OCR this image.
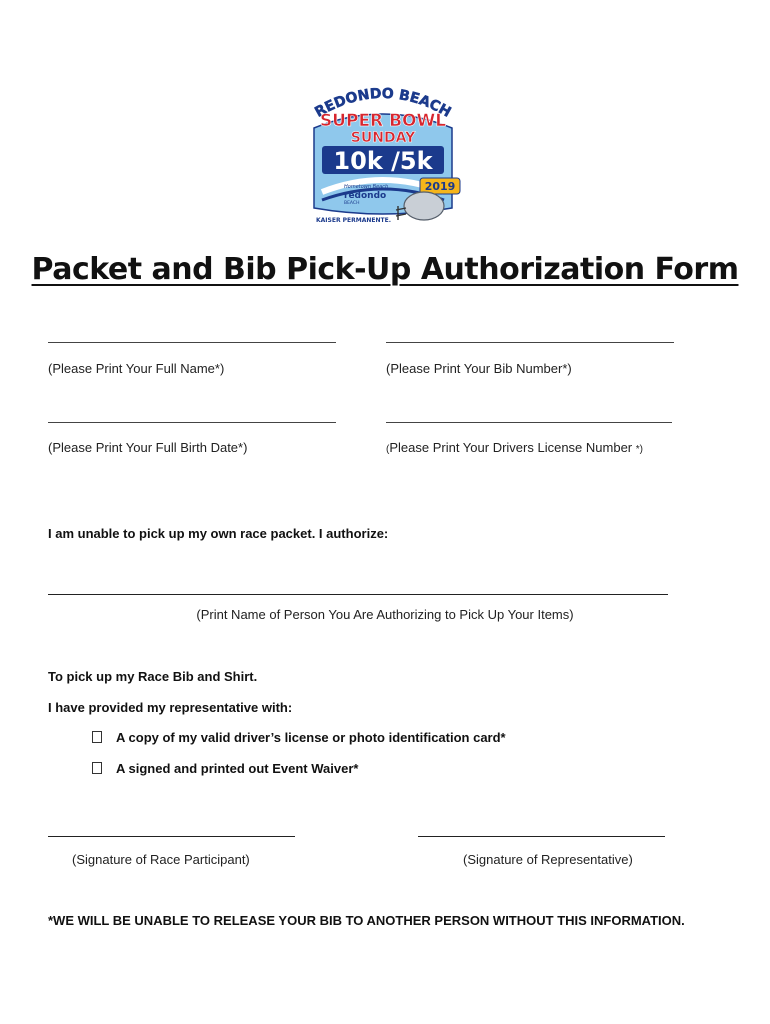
REDONDO BEACH
SUPER BOWL
SUNDAY
10k /5k
2019
Hometown Beach
redondo
BEACH
KAISER PERMANENTE.
Packet and Bib Pick-Up Authorization Form
(Please Print Your Full Name*)	(Please Print Your Bib Number*)
(Please Print Your Full Birth Date*)	(Please Print Your Drivers License Number *)
I am unable to pick up my own race packet. I authorize:
(Print Name of Person You Are Authorizing to Pick Up Your Items)
To pick up my Race Bib and Shirt.
I have provided my representative with:
A copy of my valid driver’s license or photo identification card*
A signed and printed out Event Waiver*
(Signature of Race Participant)	(Signature of Representative)
*WE WILL BE UNABLE TO RELEASE YOUR BIB TO ANOTHER PERSON WITHOUT THIS INFORMATION.
